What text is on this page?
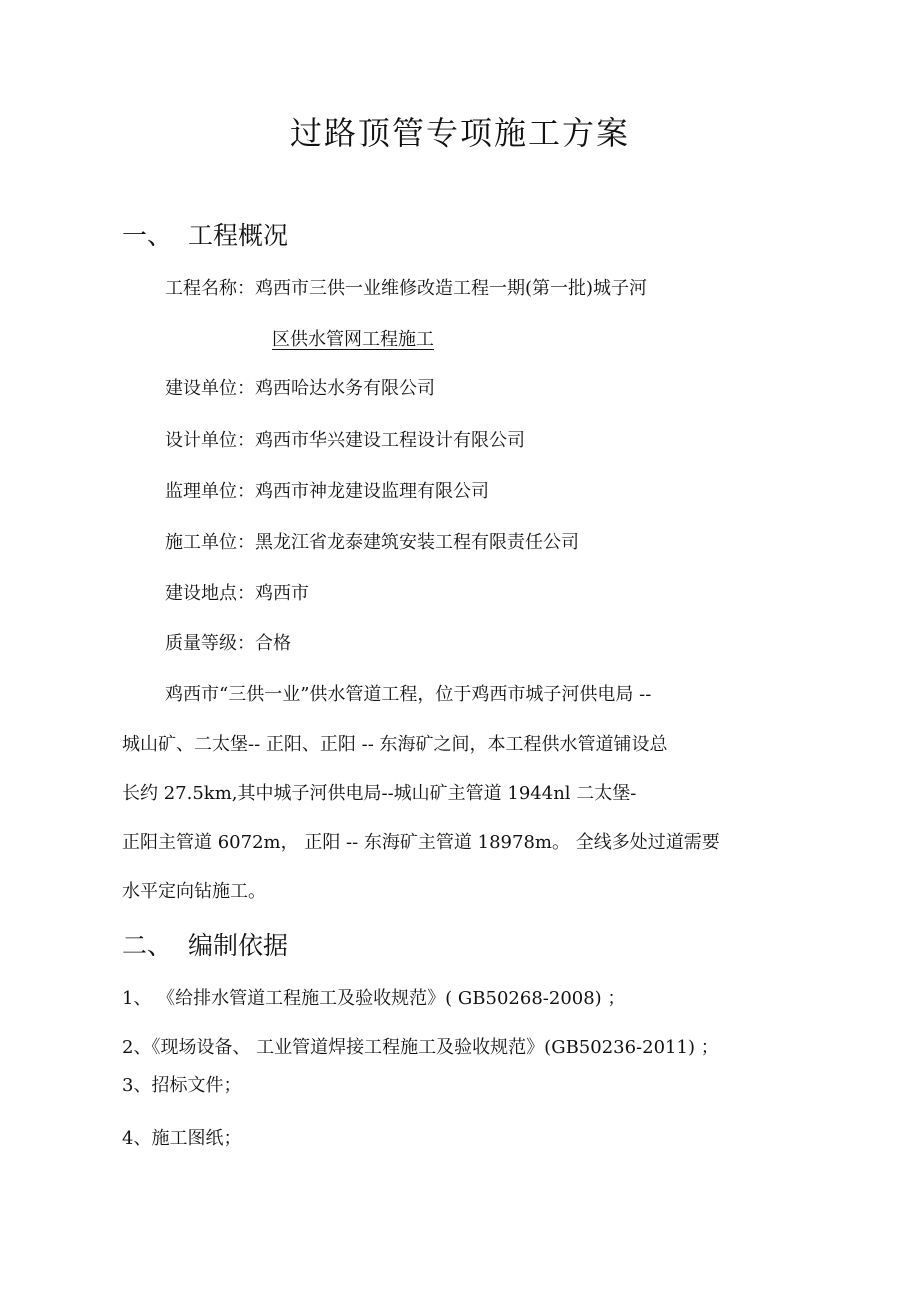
过路顶管专项施工方案
一、 工程概况
工程名称：鸡西市三供一业维修改造工程一期(第一批)城子河
区供水管网工程施工
建设单位：鸡西哈达水务有限公司
设计单位：鸡西市华兴建设工程设计有限公司
监理单位：鸡西市神龙建设监理有限公司
施工单位：黑龙江省龙泰建筑安装工程有限责任公司
建设地点：鸡西市
质量等级：合格
鸡西市“三供一业”供水管道工程，位于鸡西市城子河供电局 --
城山矿、二太堡-- 正阳、正阳 -- 东海矿之间，本工程供水管道铺设总
长约 27.5km,其中城子河供电局--城山矿主管道 1944nl 二太堡-
正阳主管道 6072m， 正阳 -- 东海矿主管道 18978m。 全线多处过道需要
水平定向钻施工。
二、 编制依据
1、 《给排水管道工程施工及验收规范》( GB50268-2008) ；
2、《现场设备、 工业管道焊接工程施工及验收规范》(GB50236-2011) ；
3、招标文件；
4、施工图纸；
